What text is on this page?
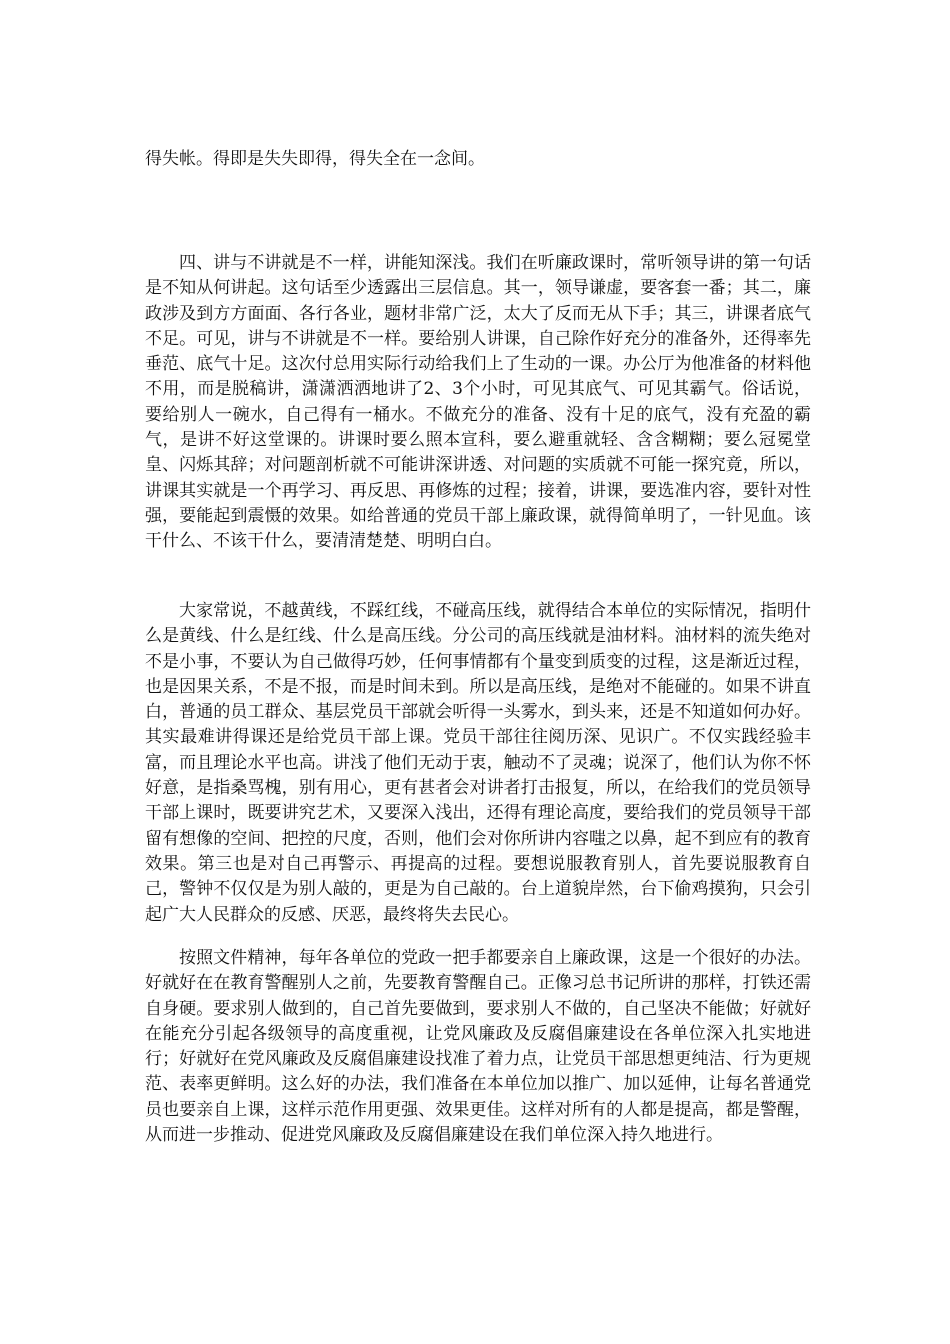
得失帐。得即是失失即得，得失全在一念间。

四、讲与不讲就是不一样，讲能知深浅。我们在听廉政课时，常听领导讲的第一句话是不知从何讲起。这句话至少透露出三层信息。其一，领导谦虚，要客套一番；其二，廉政涉及到方方面面、各行各业，题材非常广泛，太大了反而无从下手；其三，讲课者底气不足。可见，讲与不讲就是不一样。要给别人讲课，自己除作好充分的准备外，还得率先垂范、底气十足。这次付总用实际行动给我们上了生动的一课。办公厅为他准备的材料他不用，而是脱稿讲，潇潇洒洒地讲了2、3个小时，可见其底气、可见其霸气。俗话说，要给别人一碗水，自己得有一桶水。不做充分的准备、没有十足的底气，没有充盈的霸气，是讲不好这堂课的。讲课时要么照本宣科，要么避重就轻、含含糊糊；要么冠冕堂皇、闪烁其辞；对问题剖析就不可能讲深讲透、对问题的实质就不可能一探究竟，所以，讲课其实就是一个再学习、再反思、再修炼的过程；接着，讲课，要选准内容，要针对性强，要能起到震慑的效果。如给普通的党员干部上廉政课，就得简单明了，一针见血。该干什么、不该干什么，要清清楚楚、明明白白。

大家常说，不越黄线，不踩红线，不碰高压线，就得结合本单位的实际情况，指明什么是黄线、什么是红线、什么是高压线。分公司的高压线就是油材料。油材料的流失绝对不是小事，不要认为自己做得巧妙，任何事情都有个量变到质变的过程，这是渐近过程，也是因果关系，不是不报，而是时间未到。所以是高压线，是绝对不能碰的。如果不讲直白，普通的员工群众、基层党员干部就会听得一头雾水，到头来，还是不知道如何办好。其实最难讲得课还是给党员干部上课。党员干部往往阅历深、见识广。不仅实践经验丰富，而且理论水平也高。讲浅了他们无动于衷，触动不了灵魂；说深了，他们认为你不怀好意，是指桑骂槐，别有用心，更有甚者会对讲者打击报复，所以，在给我们的党员领导干部上课时，既要讲究艺术，又要深入浅出，还得有理论高度，要给我们的党员领导干部留有想像的空间、把控的尺度，否则，他们会对你所讲内容嗤之以鼻，起不到应有的教育效果。第三也是对自己再警示、再提高的过程。要想说服教育别人，首先要说服教育自己，警钟不仅仅是为别人敲的，更是为自己敲的。台上道貌岸然，台下偷鸡摸狗，只会引起广大人民群众的反感、厌恶，最终将失去民心。

按照文件精神，每年各单位的党政一把手都要亲自上廉政课，这是一个很好的办法。好就好在在教育警醒别人之前，先要教育警醒自己。正像习总书记所讲的那样，打铁还需自身硬。要求别人做到的，自己首先要做到，要求别人不做的，自己坚决不能做；好就好在能充分引起各级领导的高度重视，让党风廉政及反腐倡廉建设在各单位深入扎实地进行；好就好在党风廉政及反腐倡廉建设找准了着力点，让党员干部思想更纯洁、行为更规范、表率更鲜明。这么好的办法，我们准备在本单位加以推广、加以延伸，让每名普通党员也要亲自上课，这样示范作用更强、效果更佳。这样对所有的人都是提高，都是警醒，从而进一步推动、促进党风廉政及反腐倡廉建设在我们单位深入持久地进行。
